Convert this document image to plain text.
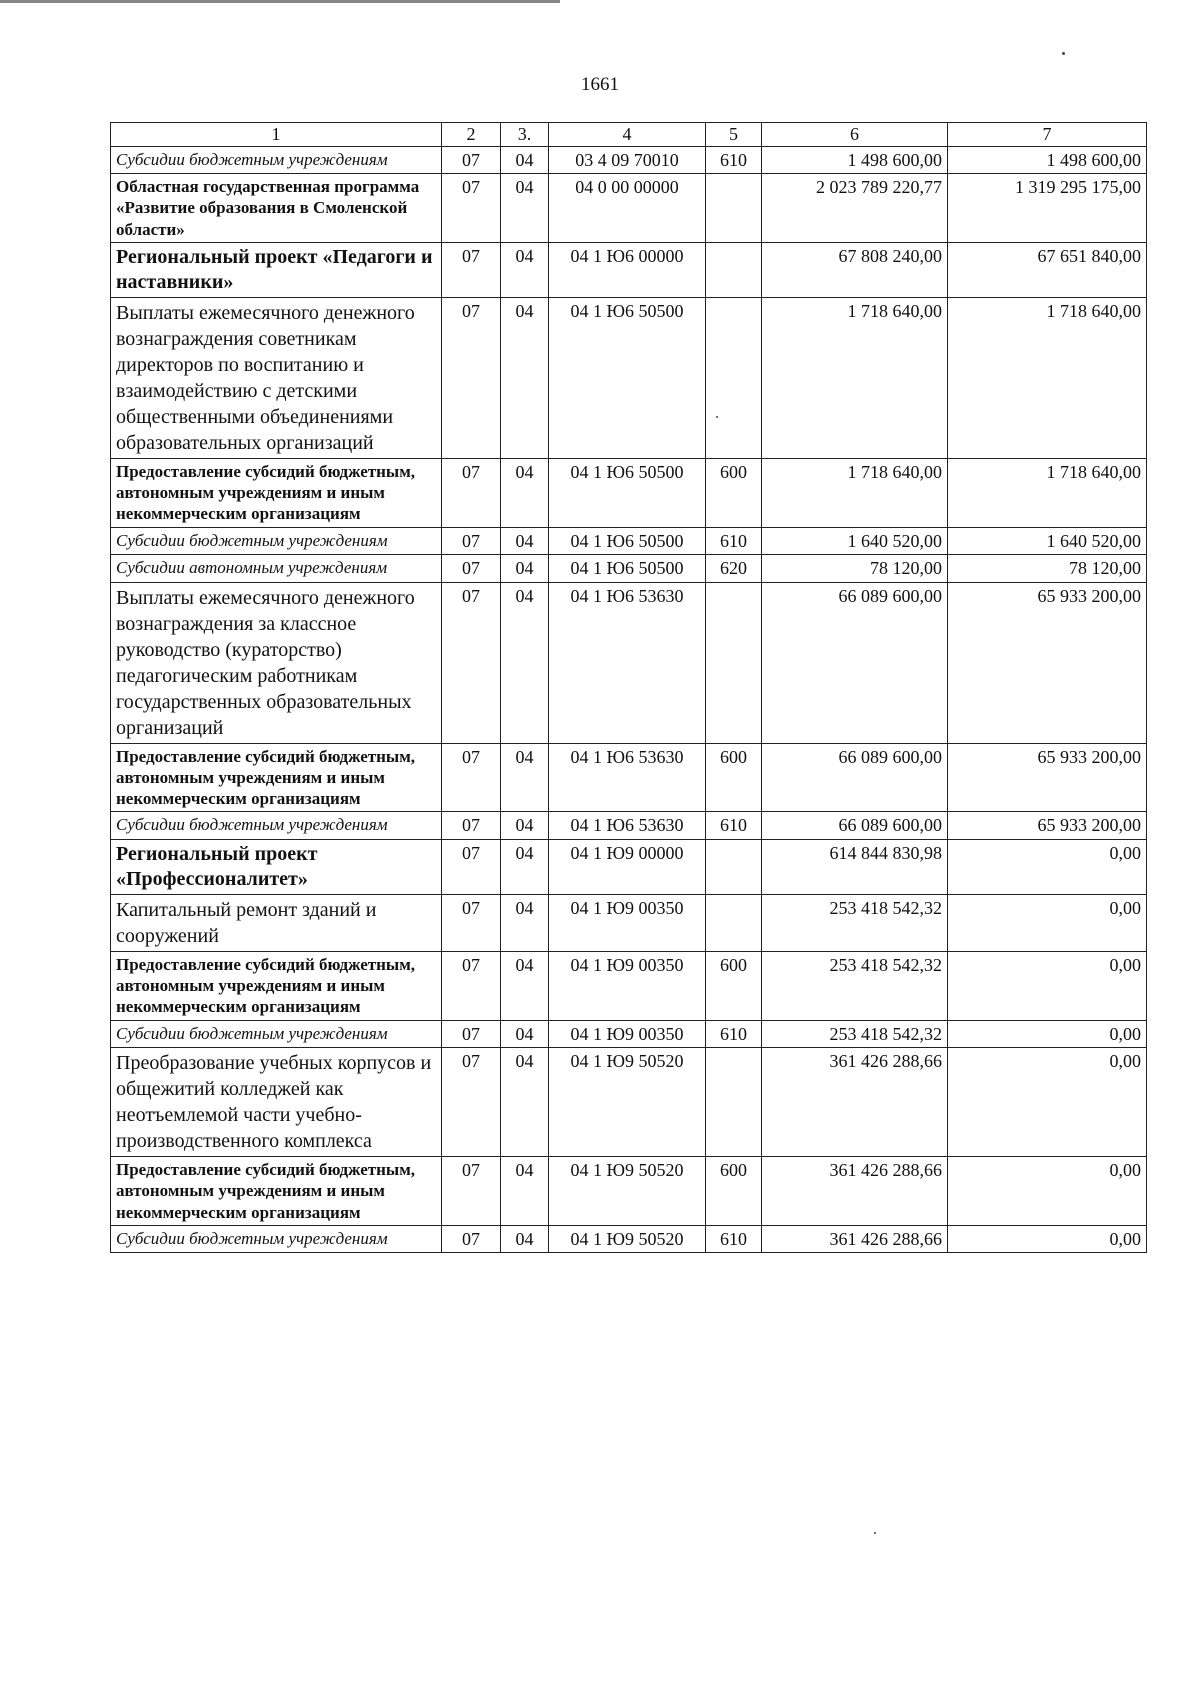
1661
1	2	3.	4	5	6	7
Субсидии бюджетным учреждениям	07	04	03 4 09 70010	610	1 498 600,00	1 498 600,00
Областная государственная программа «Развитие образования в Смоленской области»	07	04	04 0 00 00000		2 023 789 220,77	1 319 295 175,00
Региональный проект «Педагоги и наставники»	07	04	04 1 Ю6 00000		67 808 240,00	67 651 840,00
Выплаты ежемесячного денежного вознаграждения советникам директоров по воспитанию и взаимодействию с детскими общественными объединениями образовательных организаций	07	04	04 1 Ю6 50500		1 718 640,00	1 718 640,00
Предоставление субсидий бюджетным, автономным учреждениям и иным некоммерческим организациям	07	04	04 1 Ю6 50500	600	1 718 640,00	1 718 640,00
Субсидии бюджетным учреждениям	07	04	04 1 Ю6 50500	610	1 640 520,00	1 640 520,00
Субсидии автономным учреждениям	07	04	04 1 Ю6 50500	620	78 120,00	78 120,00
Выплаты ежемесячного денежного вознаграждения за классное руководство (кураторство) педагогическим работникам государственных образовательных организаций	07	04	04 1 Ю6 53630		66 089 600,00	65 933 200,00
Предоставление субсидий бюджетным, автономным учреждениям и иным некоммерческим организациям	07	04	04 1 Ю6 53630	600	66 089 600,00	65 933 200,00
Субсидии бюджетным учреждениям	07	04	04 1 Ю6 53630	610	66 089 600,00	65 933 200,00
Региональный проект «Профессионалитет»	07	04	04 1 Ю9 00000		614 844 830,98	0,00
Капитальный ремонт зданий и сооружений	07	04	04 1 Ю9 00350		253 418 542,32	0,00
Предоставление субсидий бюджетным, автономным учреждениям и иным некоммерческим организациям	07	04	04 1 Ю9 00350	600	253 418 542,32	0,00
Субсидии бюджетным учреждениям	07	04	04 1 Ю9 00350	610	253 418 542,32	0,00
Преобразование учебных корпусов и общежитий колледжей как неотъемлемой части учебно-производственного комплекса	07	04	04 1 Ю9 50520		361 426 288,66	0,00
Предоставление субсидий бюджетным, автономным учреждениям и иным некоммерческим организациям	07	04	04 1 Ю9 50520	600	361 426 288,66	0,00
Субсидии бюджетным учреждениям	07	04	04 1 Ю9 50520	610	361 426 288,66	0,00
